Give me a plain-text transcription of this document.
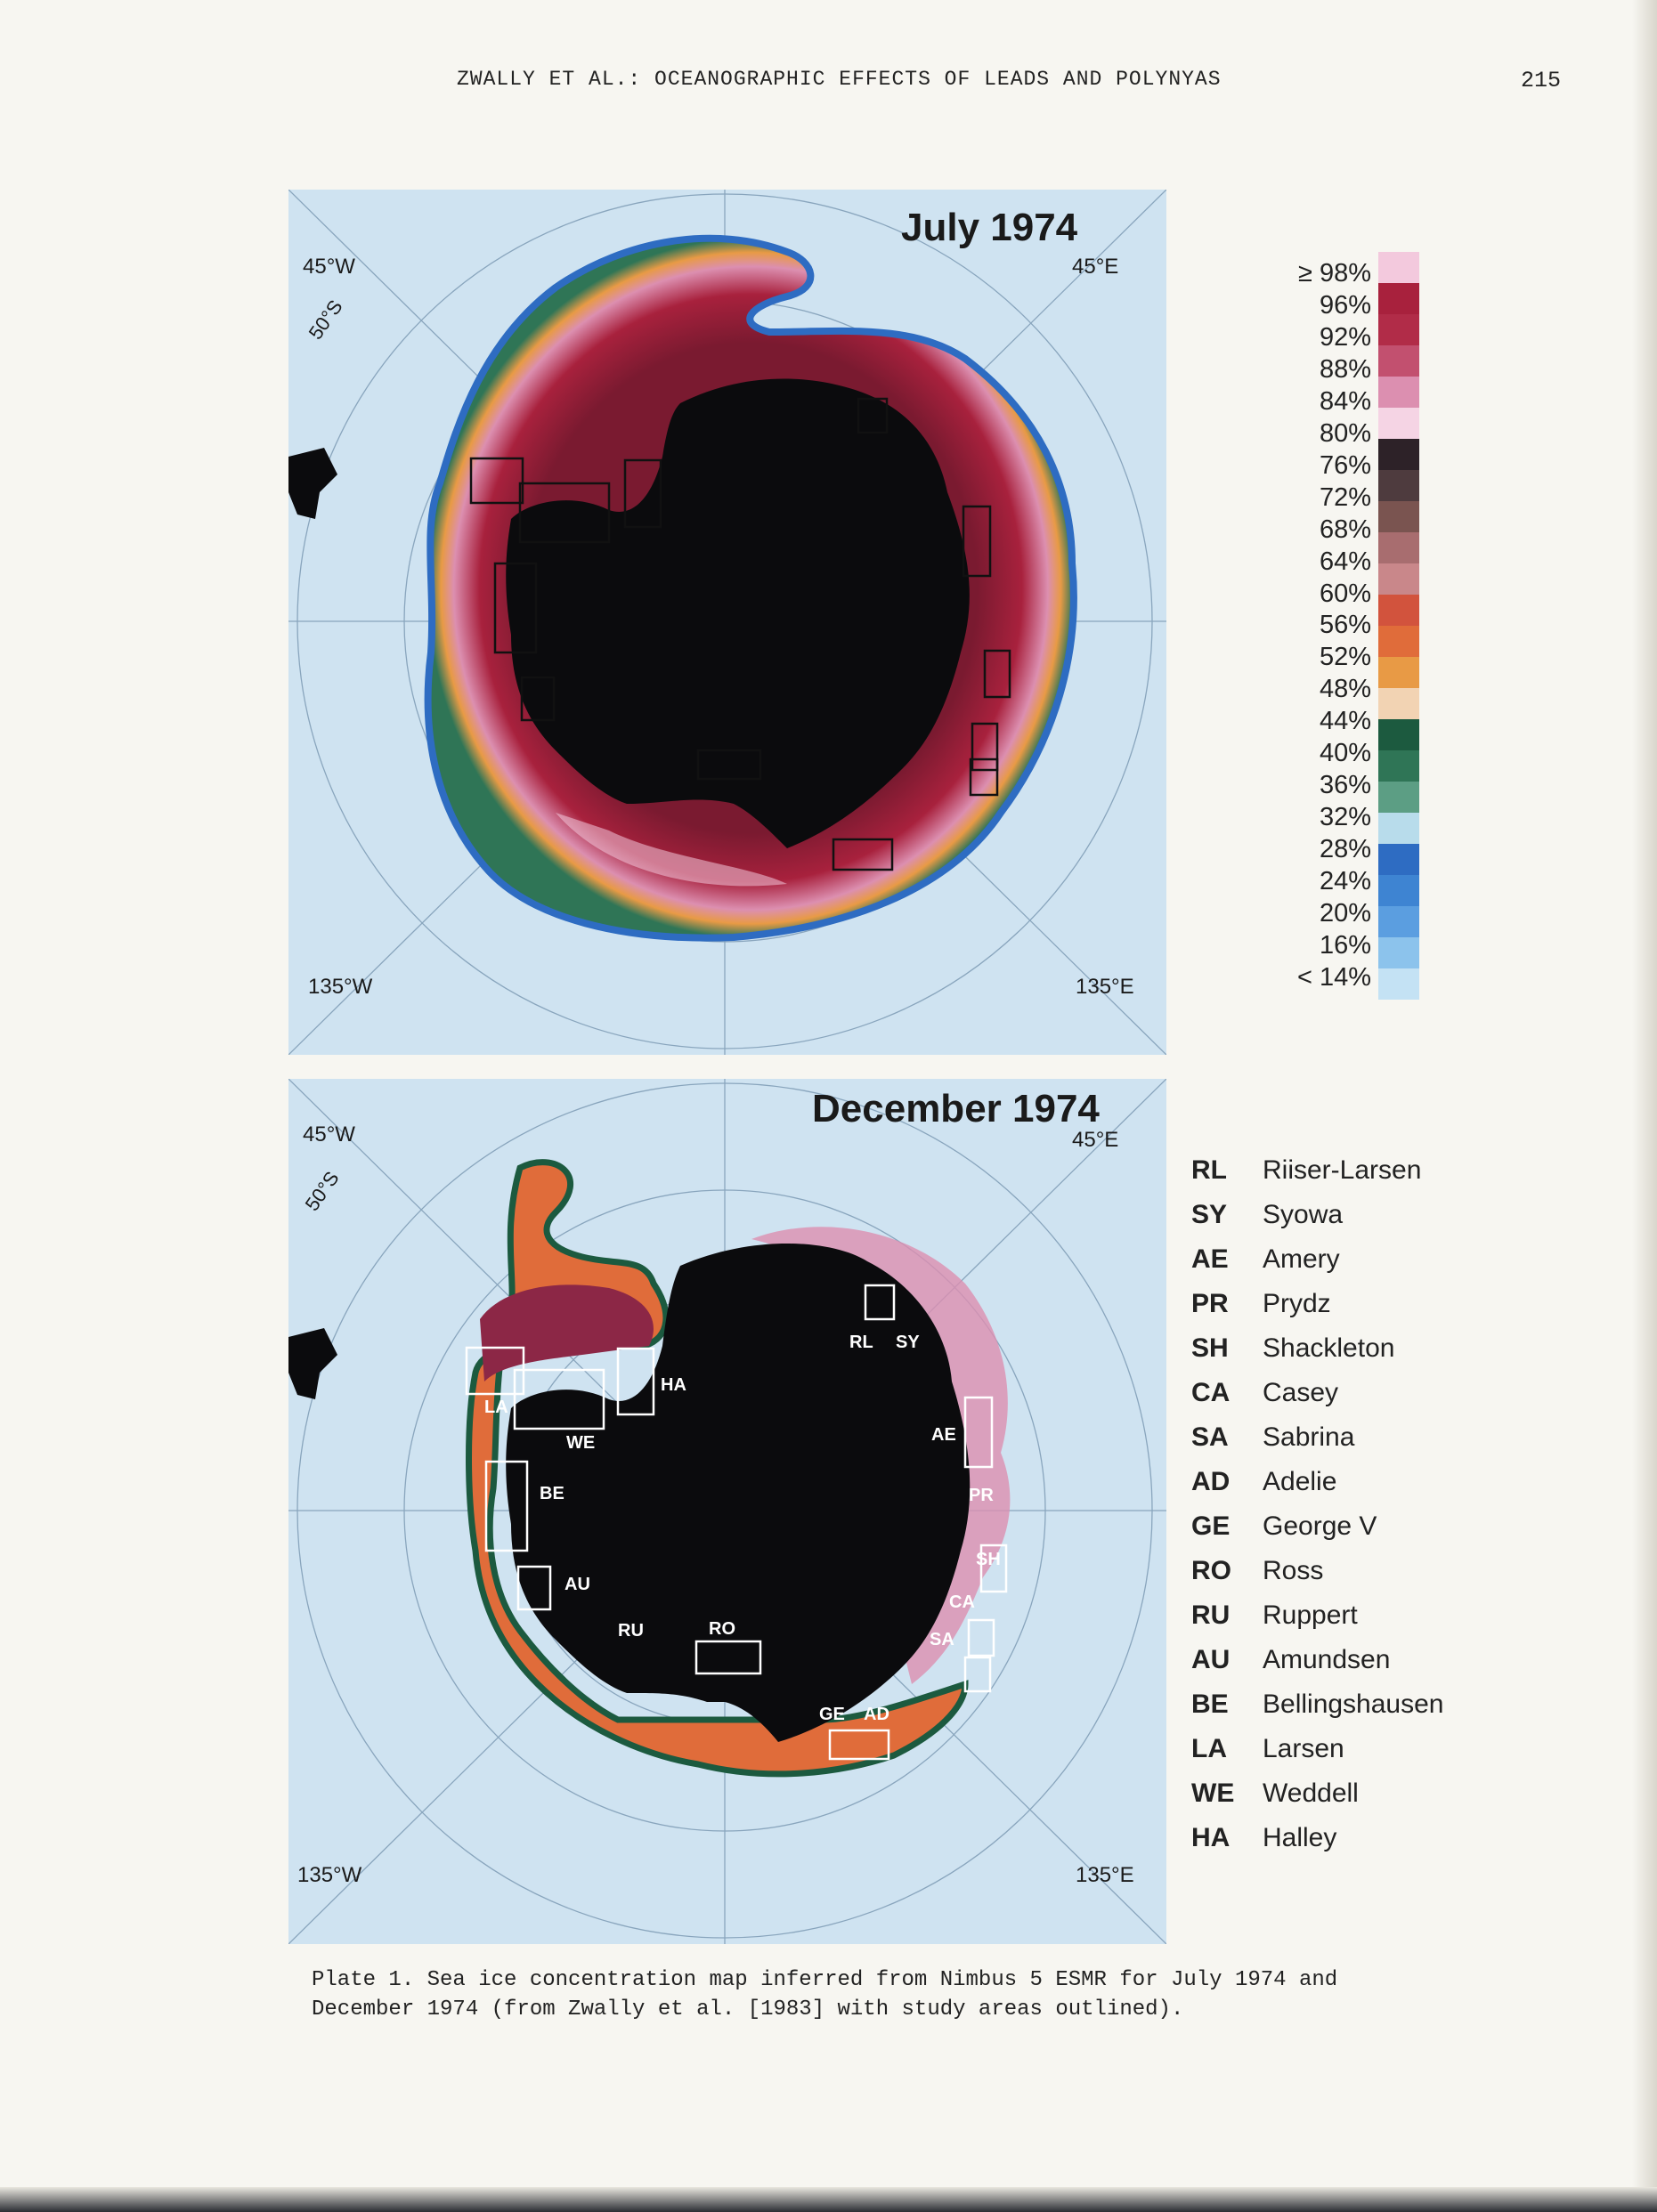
ZWALLY ET AL.: OCEANOGRAPHIC EFFECTS OF LEADS AND POLYNYAS	215
July 1974
45°W	45°E
135°W	135°E
50°S
RL SY
HA
LA
WE	AE
PR
BE
SH
AU
CA
RU	RO
SA
GE AD
December 1974
45°W	45°E
135°W	135°E
50°S
≥ 98%
96%
92%
88%
84%
80%
76%
72%
68%
64%
60%
56%
52%
48%
44%
40%
36%
32%
28%
24%
20%
16%
< 14%
RL	Riiser-Larsen
SY	Syowa
AE	Amery
PR	Prydz
SH	Shackleton
CA	Casey
SA	Sabrina
AD	Adelie
GE	George V
RO	Ross
RU	Ruppert
AU	Amundsen
BE	Bellingshausen
LA	Larsen
WE	Weddell
HA	Halley
Plate 1. Sea ice concentration map inferred from Nimbus 5 ESMR for July 1974 and
December 1974 (from Zwally et al. [1983] with study areas outlined).
